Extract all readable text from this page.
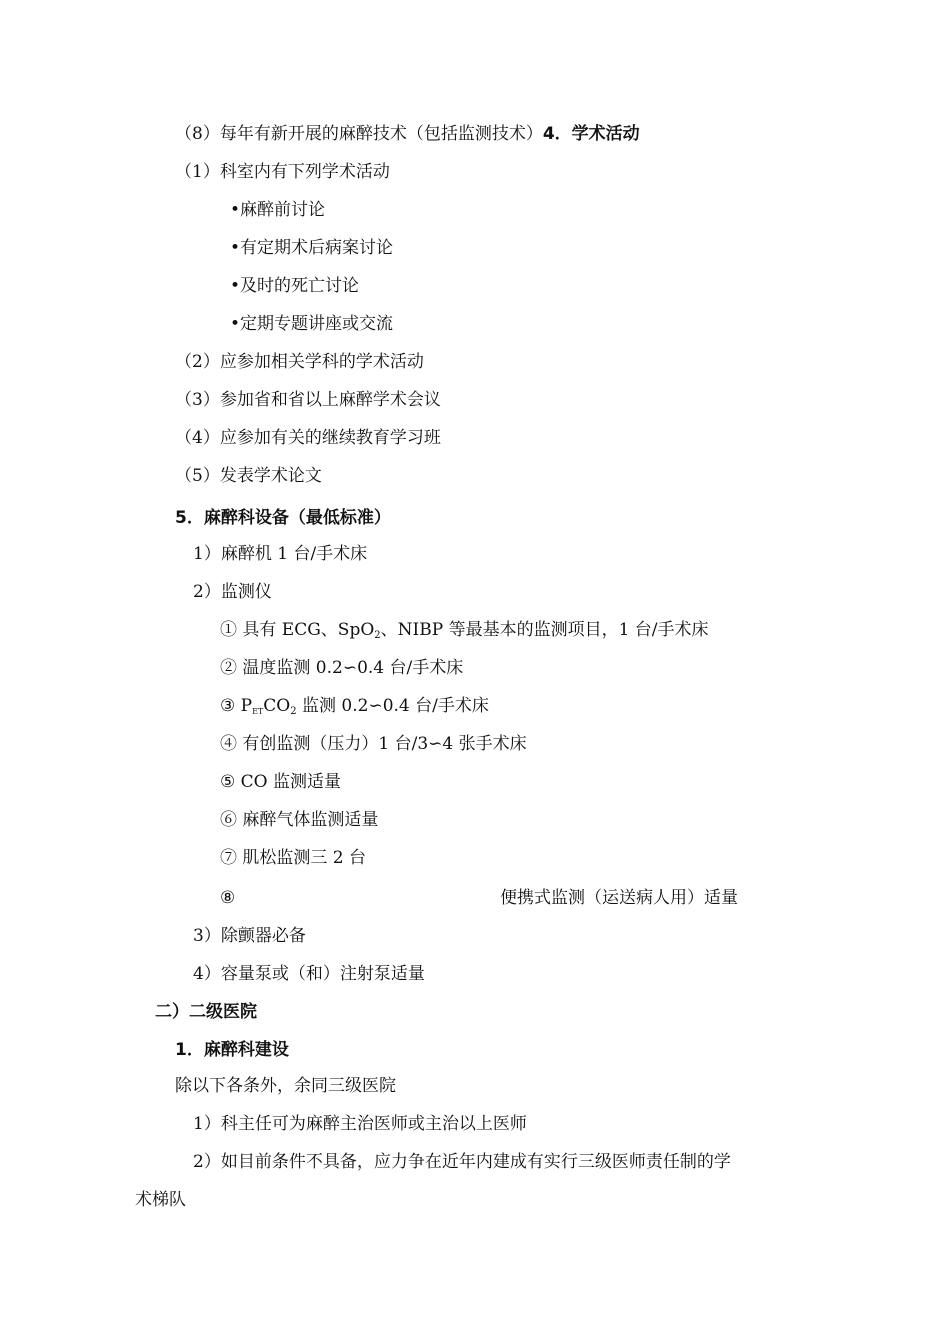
（8）每年有新开展的麻醉技术（包括监测技术）4．学术活动
（1）科室内有下列学术活动
•麻醉前讨论
•有定期术后病案讨论
•及时的死亡讨论
•定期专题讲座或交流
（2）应参加相关学科的学术活动
（3）参加省和省以上麻醉学术会议
（4）应参加有关的继续教育学习班
（5）发表学术论文
5．麻醉科设备（最低标准）
1）麻醉机 1 台/手术床
2）监测仪
① 具有 ECG、SpO$_2$、NIBP 等最基本的监测项目，1 台/手术床
② 温度监测 0.2∽0.4 台/手术床
③ $P_{ET}CO_2$ 监测 0.2∽0.4 台/手术床
④ 有创监测（压力）1 台/3∽4 张手术床
⑤ CO 监测适量
⑥ 麻醉气体监测适量
⑦ 肌松监测三 2 台
⑧	便携式监测（运送病人用）适量
3）除颤器必备
4）容量泵或（和）注射泵适量
二）二级医院
1．麻醉科建设
除以下各条外，余同三级医院
1）科主任可为麻醉主治医师或主治以上医师
2）如目前条件不具备，应力争在近年内建成有实行三级医师责任制的学
术梯队
